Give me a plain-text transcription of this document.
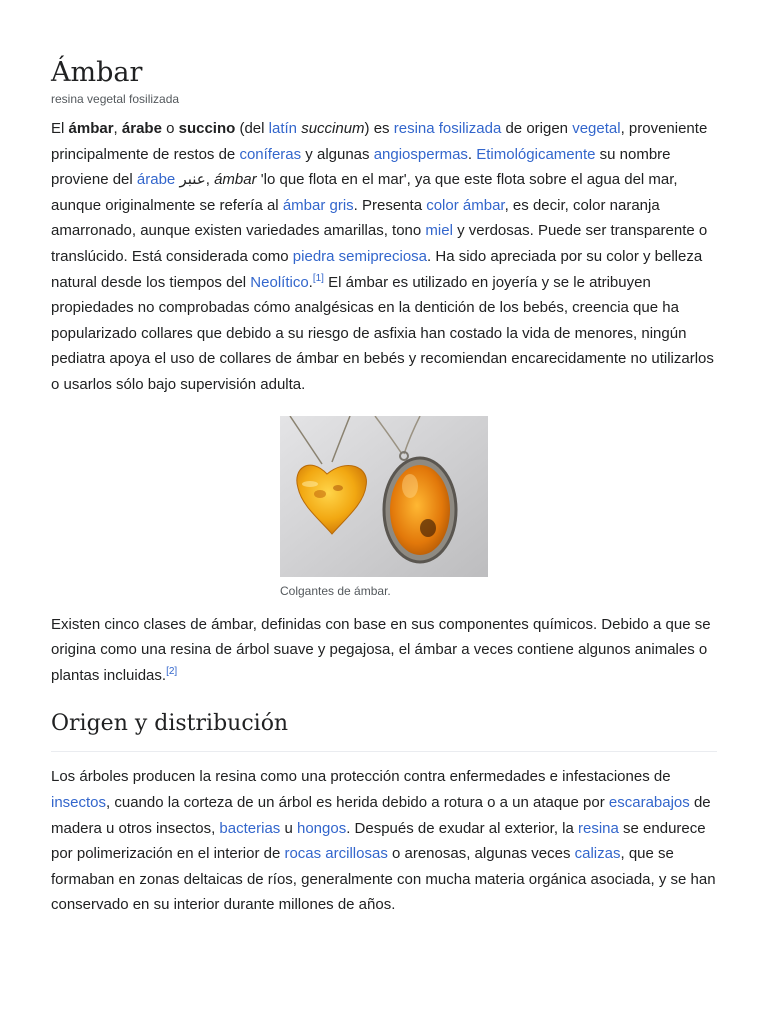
Ámbar
resina vegetal fosilizada

El ámbar, árabe o succino (del latín succinum) es resina fosilizada de origen vegetal, proveniente principalmente de restos de coníferas y algunas angiospermas. Etimológicamente su nombre proviene del árabe عنبر, ámbar 'lo que flota en el mar', ya que este flota sobre el agua del mar, aunque originalmente se refería al ámbar gris. Presenta color ámbar, es decir, color naranja amarronado, aunque existen variedades amarillas, tono miel y verdosas. Puede ser transparente o translúcido. Está considerada como piedra semipreciosa. Ha sido apreciada por su color y belleza natural desde los tiempos del Neolítico.[1] El ámbar es utilizado en joyería y se le atribuyen propiedades no comprobadas cómo analgésicas en la dentición de los bebés, creencia que ha popularizado collares que debido a su riesgo de asfixia han costado la vida de menores, ningún pediatra apoya el uso de collares de ámbar en bebés y recomiendan encarecidamente no utilizarlos o usarlos sólo bajo supervisión adulta.

Colgantes de ámbar.

Existen cinco clases de ámbar, definidas con base en sus componentes químicos. Debido a que se origina como una resina de árbol suave y pegajosa, el ámbar a veces contiene algunos animales o plantas incluidas.[2]

Origen y distribución

Los árboles producen la resina como una protección contra enfermedades e infestaciones de insectos, cuando la corteza de un árbol es herida debido a rotura o a un ataque por escarabajos de madera u otros insectos, bacterias u hongos. Después de exudar al exterior, la resina se endurece por polimerización en el interior de rocas arcillosas o arenosas, algunas veces calizas, que se formaban en zonas deltaicas de ríos, generalmente con mucha materia orgánica asociada, y se han conservado en su interior durante millones de años.
